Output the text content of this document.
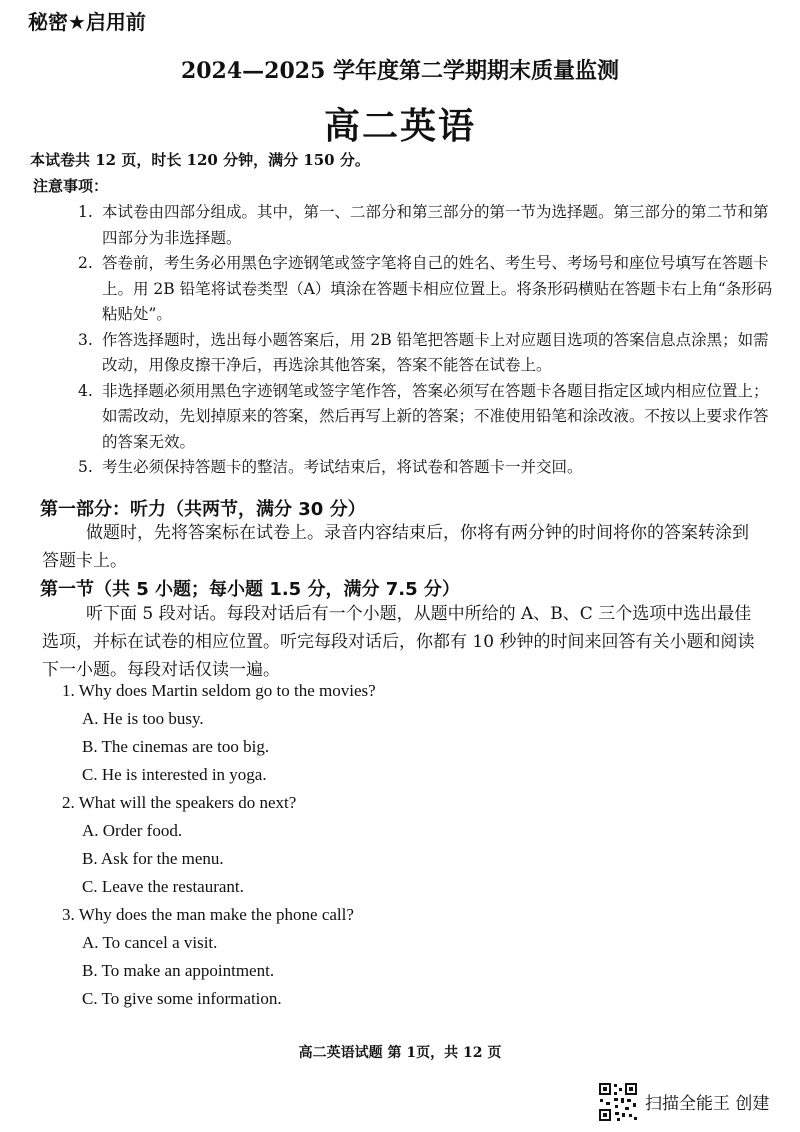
秘密★启用前
2024—2025 学年度第二学期期末质量监测
高二英语
本试卷共 12 页，时长 120 分钟，满分 150 分。
注意事项：
1. 本试卷由四部分组成。其中，第一、二部分和第三部分的第一节为选择题。第三部分的第二节和第四部分为非选择题。
2. 答卷前，考生务必用黑色字迹钢笔或签字笔将自己的姓名、考生号、考场号和座位号填写在答题卡上。用 2B 铅笔将试卷类型（A）填涂在答题卡相应位置上。将条形码横贴在答题卡右上角“条形码粘贴处”。
3. 作答选择题时，选出每小题答案后，用 2B 铅笔把答题卡上对应题目选项的答案信息点涂黑；如需改动，用像皮擦干净后，再选涂其他答案，答案不能答在试卷上。
4. 非选择题必须用黑色字迹钢笔或签字笔作答，答案必须写在答题卡各题目指定区域内相应位置上；如需改动，先划掉原来的答案，然后再写上新的答案；不准使用铅笔和涂改液。不按以上要求作答的答案无效。
5. 考生必须保持答题卡的整洁。考试结束后，将试卷和答题卡一并交回。
第一部分：听力（共两节，满分 30 分）

做题时，先将答案标在试卷上。录音内容结束后，你将有两分钟的时间将你的答案转涂到答题卡上。

第一节（共 5 小题；每小题 1.5 分，满分 7.5 分）

听下面 5 段对话。每段对话后有一个小题，从题中所给的 A、B、C 三个选项中选出最佳选项，并标在试卷的相应位置。听完每段对话后，你都有 10 秒钟的时间来回答有关小题和阅读下一小题。每段对话仅读一遍。

1. Why does Martin seldom go to the movies?
A. He is too busy.
B. The cinemas are too big.
C. He is interested in yoga.
2. What will the speakers do next?
A. Order food.
B. Ask for the menu.
C. Leave the restaurant.
3. Why does the man make the phone call?
A. To cancel a visit.
B. To make an appointment.
C. To give some information.
高二英语试题 第 1页，共 12 页
扫描全能王 创建
